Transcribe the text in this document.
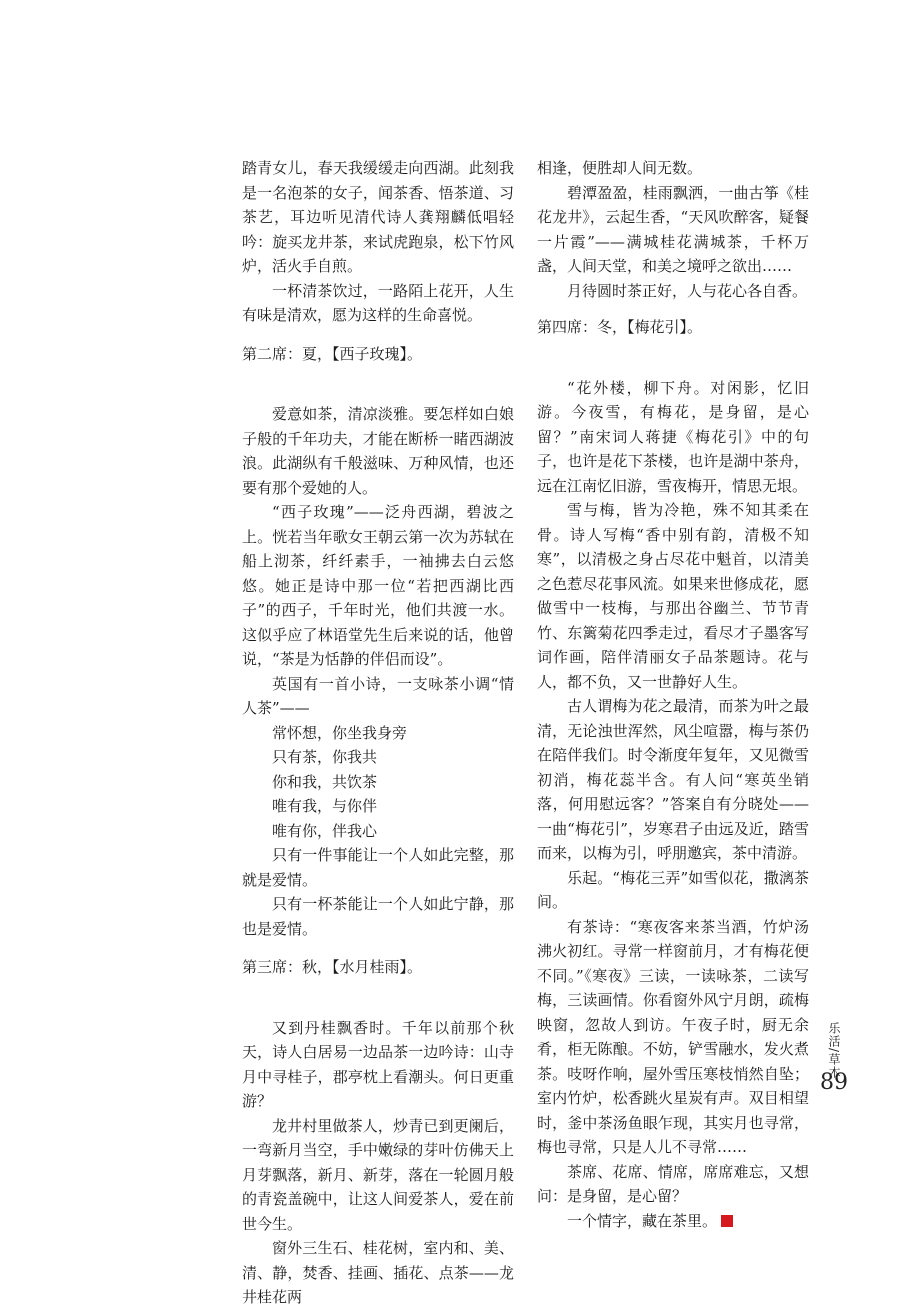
踏青女儿，春天我缓缓走向西湖。此刻我是一名泡茶的女子，闻茶香、悟茶道、习茶艺，耳边听见清代诗人龚翔麟低唱轻吟：旋买龙井茶，来试虎跑泉，松下竹风炉，活火手自煎。

一杯清茶饮过，一路陌上花开，人生有味是清欢，愿为这样的生命喜悦。

第二席：夏，【西子玫瑰】。

爱意如茶，清凉淡雅。要怎样如白娘子般的千年功夫，才能在断桥一睹西湖波浪。此湖纵有千般滋味、万种风情，也还要有那个爱她的人。

“西子玫瑰”——泛舟西湖，碧波之上。恍若当年歌女王朝云第一次为苏轼在船上沏茶，纤纤素手，一袖拂去白云悠悠。她正是诗中那一位“若把西湖比西子”的西子，千年时光，他们共渡一水。这似乎应了林语堂先生后来说的话，他曾说，“茶是为恬静的伴侣而设”。

英国有一首小诗，一支咏茶小调“情人茶”——

常怀想，你坐我身旁

只有茶，你我共

你和我，共饮茶

唯有我，与你伴

唯有你，伴我心

只有一件事能让一个人如此完整，那就是爱情。

只有一杯茶能让一个人如此宁静，那也是爱情。

第三席：秋，【水月桂雨】。

又到丹桂飘香时。千年以前那个秋天，诗人白居易一边品茶一边吟诗：山寺月中寻桂子，郡亭枕上看潮头。何日更重游？

龙井村里做茶人，炒青已到更阑后，一弯新月当空，手中嫩绿的芽叶仿佛天上月芽飘落，新月、新芽，落在一轮圆月般的青瓷盖碗中，让这人间爱茶人，爱在前世今生。

窗外三生石、桂花树，室内和、美、清、静，焚香、挂画、插花、点茶——龙井桂花两

相逢，便胜却人间无数。

碧潭盈盈，桂雨飘洒，一曲古筝《桂花龙井》，云起生香，“天风吹醉客，疑餐一片霞”——满城桂花满城茶，千杯万盏，人间天堂，和美之境呼之欲出……

月待圆时茶正好，人与花心各自香。

第四席：冬，【梅花引】。

“花外楼，柳下舟。对闲影，忆旧游。今夜雪，有梅花，是身留，是心留？”南宋词人蒋捷《梅花引》中的句子，也许是花下茶楼，也许是湖中茶舟，远在江南忆旧游，雪夜梅开，情思无垠。

雪与梅，皆为冷艳，殊不知其柔在骨。诗人写梅“香中别有韵，清极不知寒”，以清极之身占尽花中魁首，以清美之色惹尽花事风流。如果来世修成花，愿做雪中一枝梅，与那出谷幽兰、节节青竹、东篱菊花四季走过，看尽才子墨客写词作画，陪伴清丽女子品茶题诗。花与人，都不负，又一世静好人生。

古人谓梅为花之最清，而茶为叶之最清，无论浊世浑然，风尘喧嚣，梅与茶仍在陪伴我们。时令渐度年复年，又见微雪初消，梅花蕊半含。有人问“寒英坐销落，何用慰远客？”答案自有分晓处——一曲“梅花引”，岁寒君子由远及近，踏雪而来，以梅为引，呼朋邀宾，茶中清游。

乐起。“梅花三弄”如雪似花，撒漓茶间。

有茶诗：“寒夜客来茶当酒，竹炉汤沸火初红。寻常一样窗前月，才有梅花便不同。”《寒夜》三读，一读咏茶，二读写梅，三读画情。你看窗外风宁月朗，疏梅映窗，忽故人到访。午夜子时，厨无余肴，柜无陈酿。不妨，铲雪融水，发火煮茶。吱呀作响，屋外雪压寒枝悄然自坠；室内竹炉，松香跳火星炭有声。双目相望时，釜中茶汤鱼眼乍现，其实月也寻常，梅也寻常，只是人儿不寻常……

茶席、花席、情席，席席难忘，又想问：是身留，是心留？

一个情字，藏在茶里。

乐活/草木
89
